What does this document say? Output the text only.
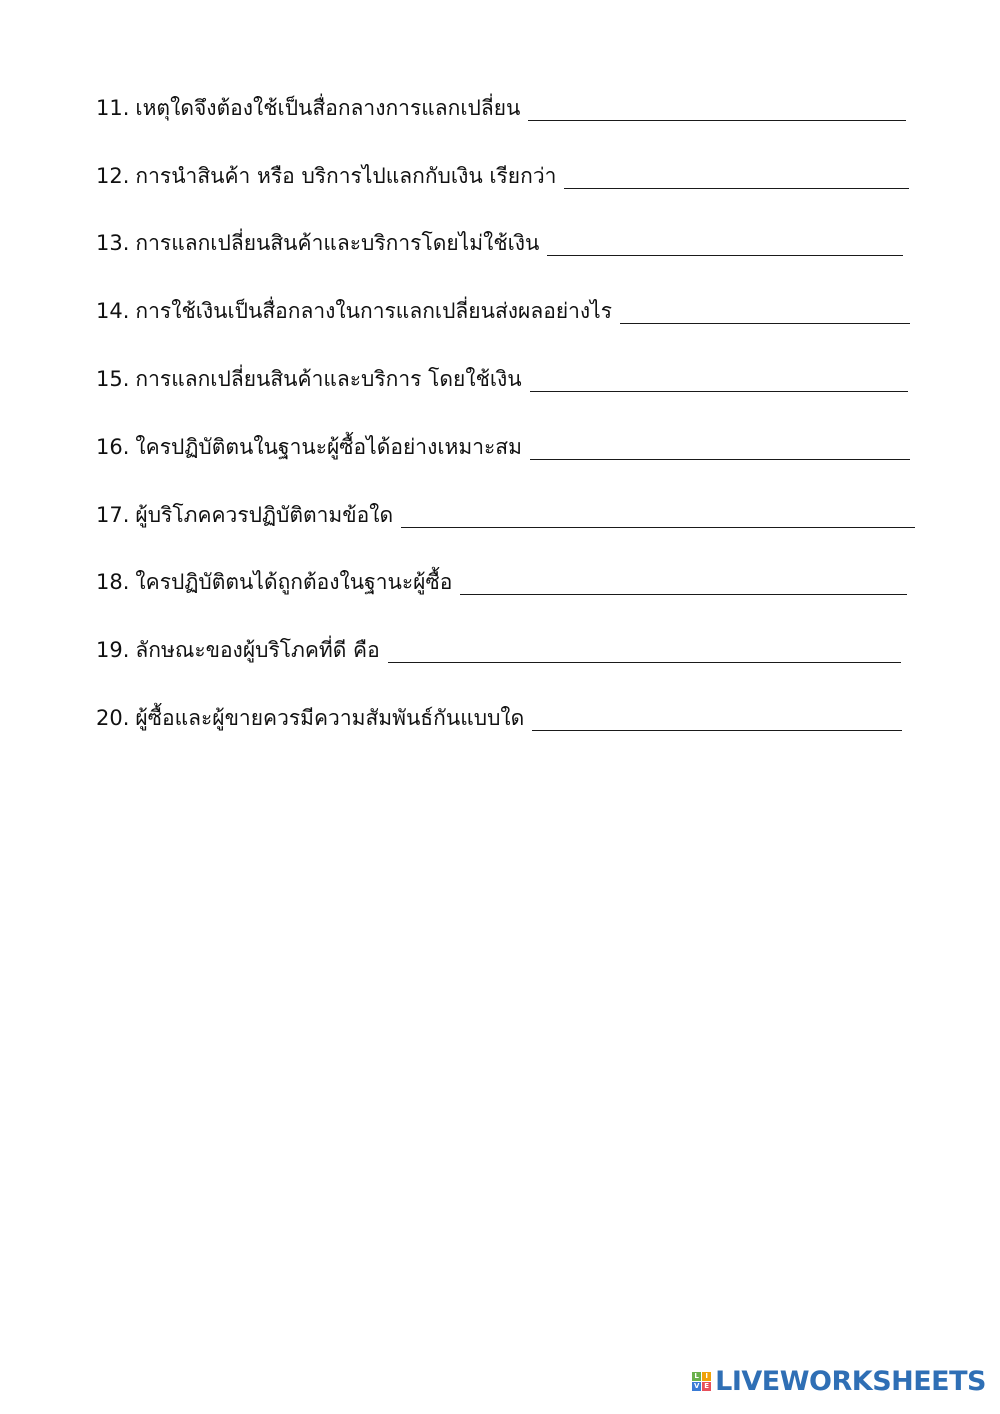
11. เหตุใดจึงต้องใช้เป็นสื่อกลางการแลกเปลี่ยน
12. การนำสินค้า หรือ บริการไปแลกกับเงิน เรียกว่า
13. การแลกเปลี่ยนสินค้าและบริการโดยไม่ใช้เงิน
14. การใช้เงินเป็นสื่อกลางในการแลกเปลี่ยนส่งผลอย่างไร
15. การแลกเปลี่ยนสินค้าและบริการ โดยใช้เงิน
16. ใครปฏิบัติตนในฐานะผู้ซื้อได้อย่างเหมาะสม
17. ผู้บริโภคควรปฏิบัติตามข้อใด
18. ใครปฏิบัติตนได้ถูกต้องในฐานะผู้ซื้อ
19. ลักษณะของผู้บริโภคที่ดี คือ
20. ผู้ซื้อและผู้ขายควรมีความสัมพันธ์กันแบบใด
L I
V E LIVEWORKSHEETS
